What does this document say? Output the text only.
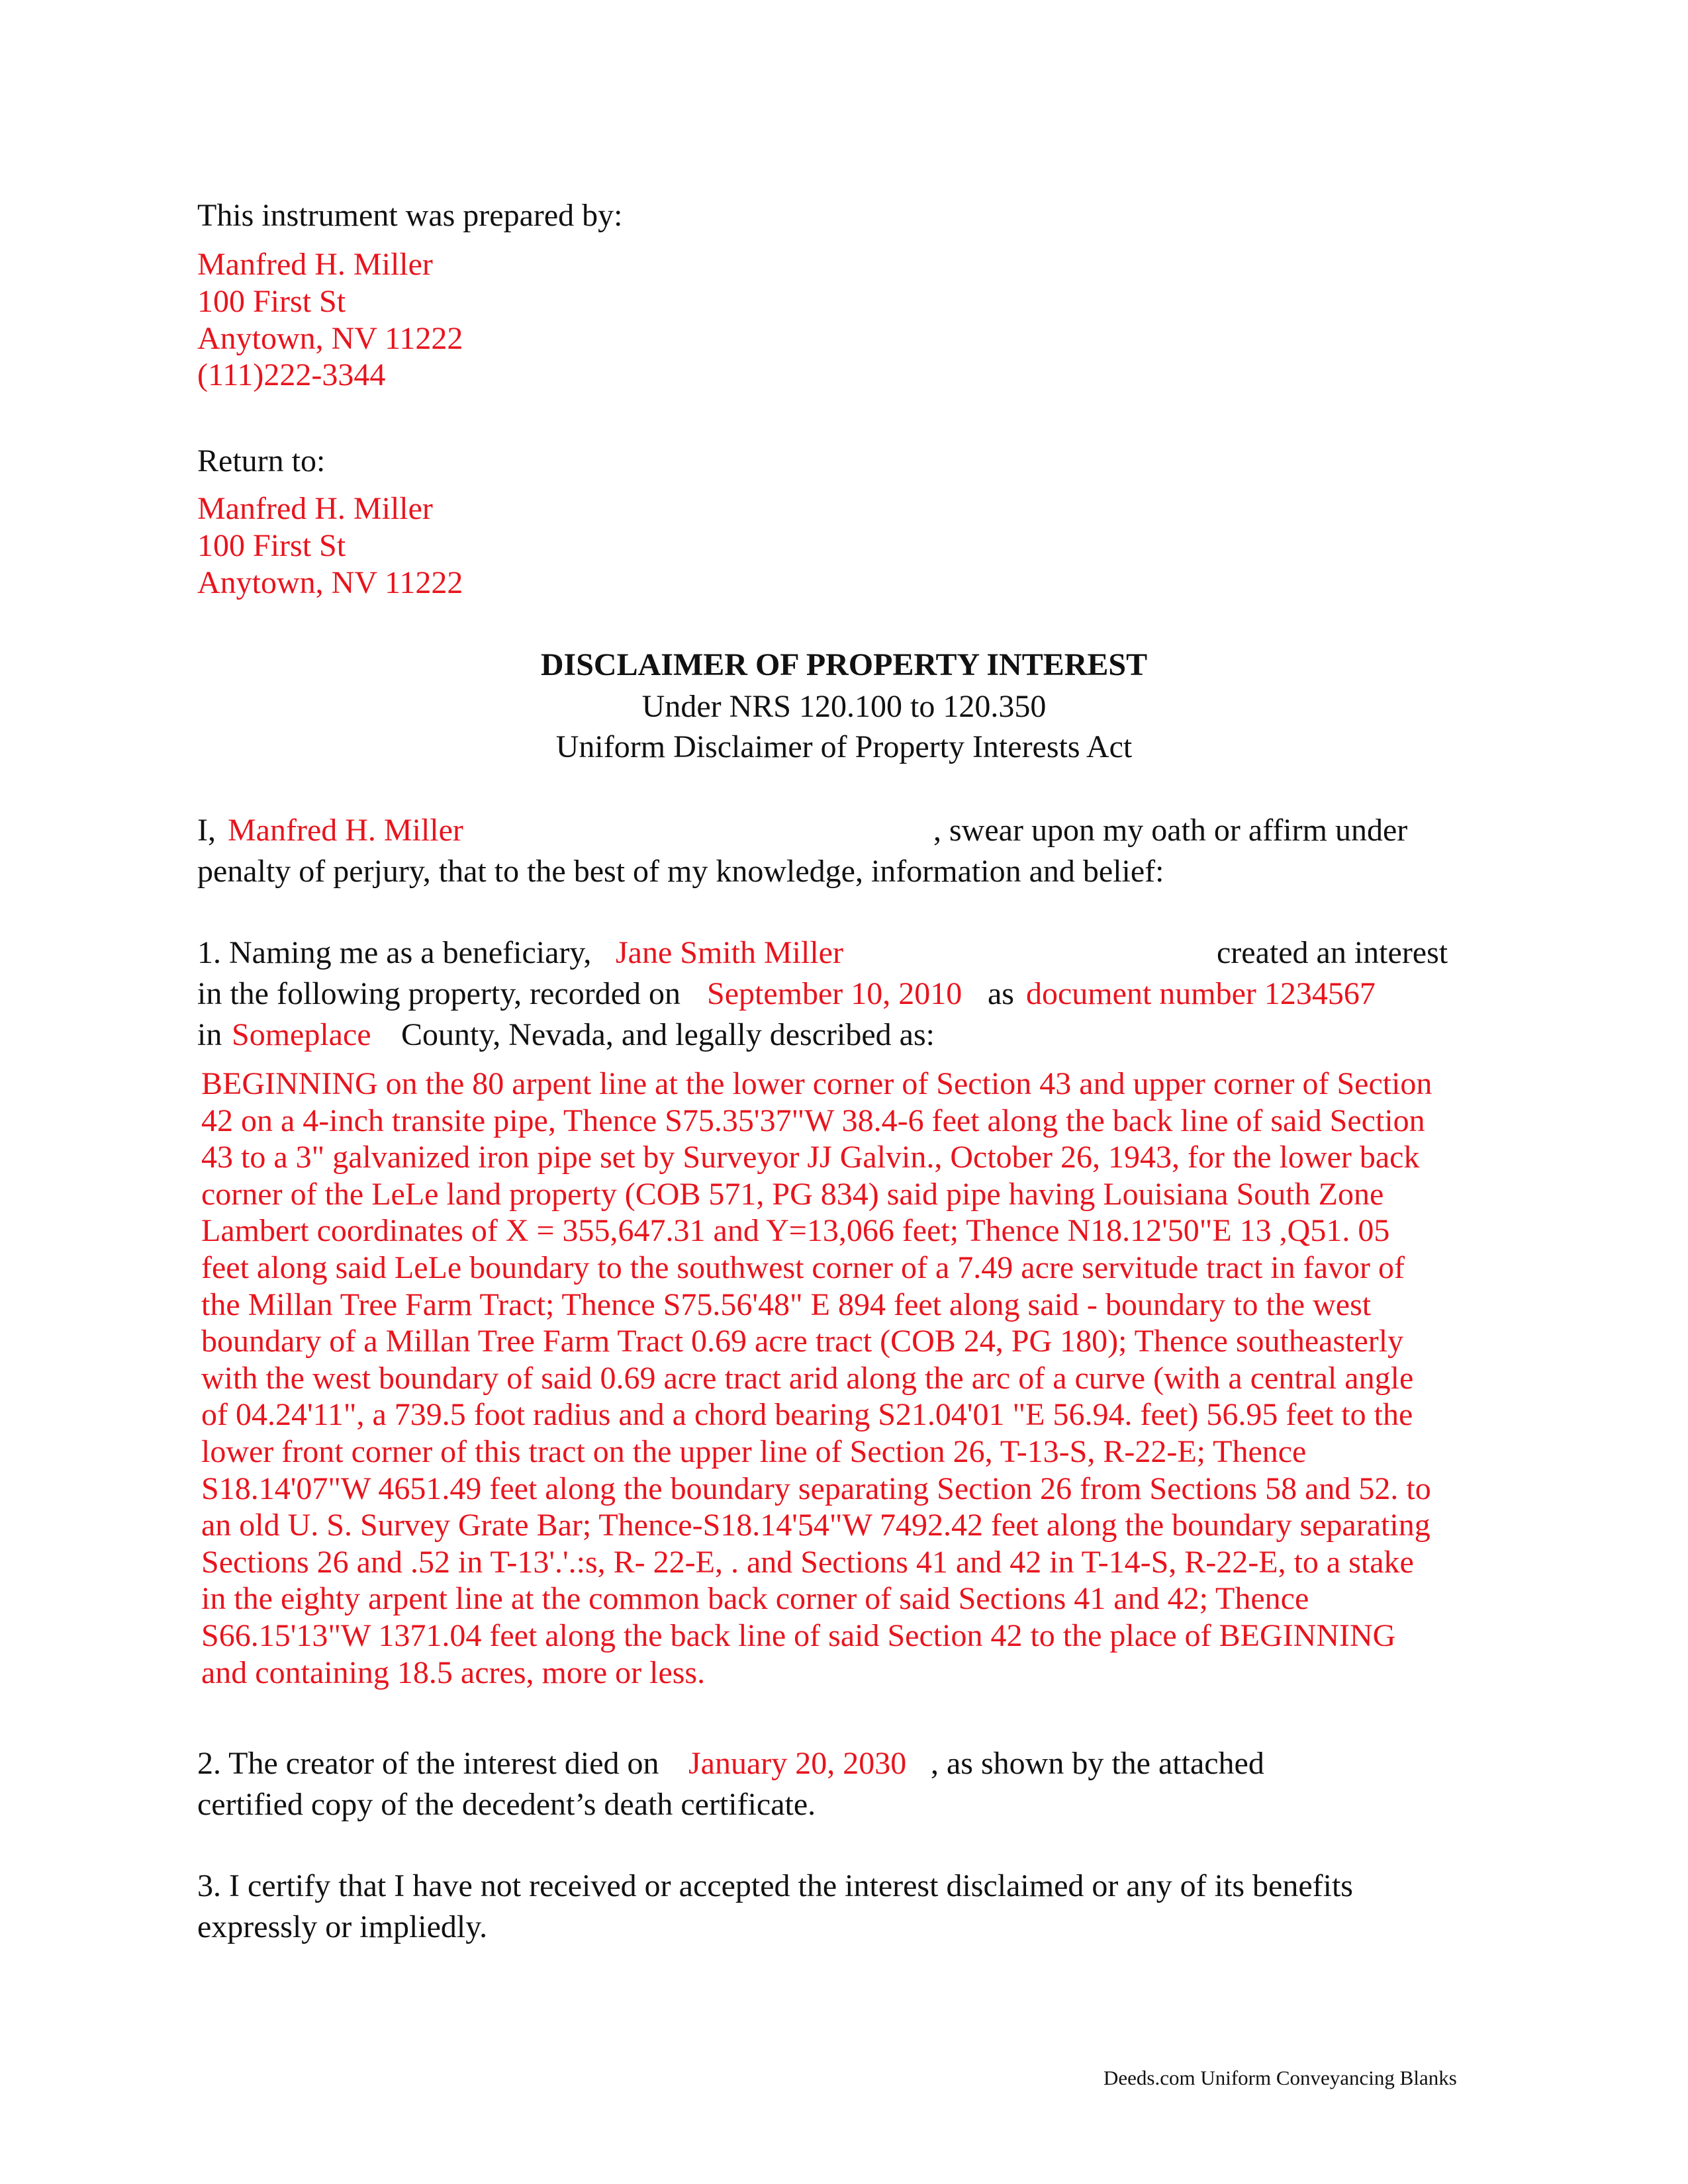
This instrument was prepared by:
Manfred H. Miller
100 First St
Anytown, NV 11222
(111)222-3344
Return to:
Manfred H. Miller
100 First St
Anytown, NV 11222
DISCLAIMER OF PROPERTY INTEREST
Under NRS 120.100 to 120.350
Uniform Disclaimer of Property Interests Act
I, Manfred H. Miller	, swear upon my oath or affirm under
penalty of perjury, that to the best of my knowledge, information and belief:
1. Naming me as a beneficiary, Jane Smith Miller	created an interest
in the following property, recorded on September 10, 2010 as document number 1234567
in Someplace County, Nevada, and legally described as:
BEGINNING on the 80 arpent line at the lower corner of Section 43 and upper corner of Section
42 on a 4-inch transite pipe, Thence S75.35'37"W 38.4-6 feet along the back line of said Section
43 to a 3" galvanized iron pipe set by Surveyor JJ Galvin., October 26, 1943, for the lower back
corner of the LeLe land property (COB 571, PG 834) said pipe having Louisiana South Zone
Lambert coordinates of X = 355,647.31 and Y=13,066 feet; Thence N18.12'50"E 13 ,Q51. 05
feet along said LeLe boundary to the southwest corner of a 7.49 acre servitude tract in favor of
the Millan Tree Farm Tract; Thence S75.56'48" E 894 feet along said - boundary to the west
boundary of a Millan Tree Farm Tract 0.69 acre tract (COB 24, PG 180); Thence southeasterly
with the west boundary of said 0.69 acre tract arid along the arc of a curve (with a central angle
of 04.24'11", a 739.5 foot radius and a chord bearing S21.04'01 "E 56.94. feet) 56.95 feet to the
lower front corner of this tract on the upper line of Section 26, T-13-S, R-22-E; Thence
S18.14'07"W 4651.49 feet along the boundary separating Section 26 from Sections 58 and 52. to
an old U. S. Survey Grate Bar; Thence-S18.14'54"W 7492.42 feet along the boundary separating
Sections 26 and .52 in T-13'.'.:s, R- 22-E, . and Sections 41 and 42 in T-14-S, R-22-E, to a stake
in the eighty arpent line at the common back corner of said Sections 41 and 42; Thence
S66.15'13"W 1371.04 feet along the back line of said Section 42 to the place of BEGINNING
and containing 18.5 acres, more or less.
2. The creator of the interest died on January 20, 2030 , as shown by the attached
certified copy of the decedent’s death certificate.
3. I certify that I have not received or accepted the interest disclaimed or any of its benefits
expressly or impliedly.
Deeds.com Uniform Conveyancing Blanks
